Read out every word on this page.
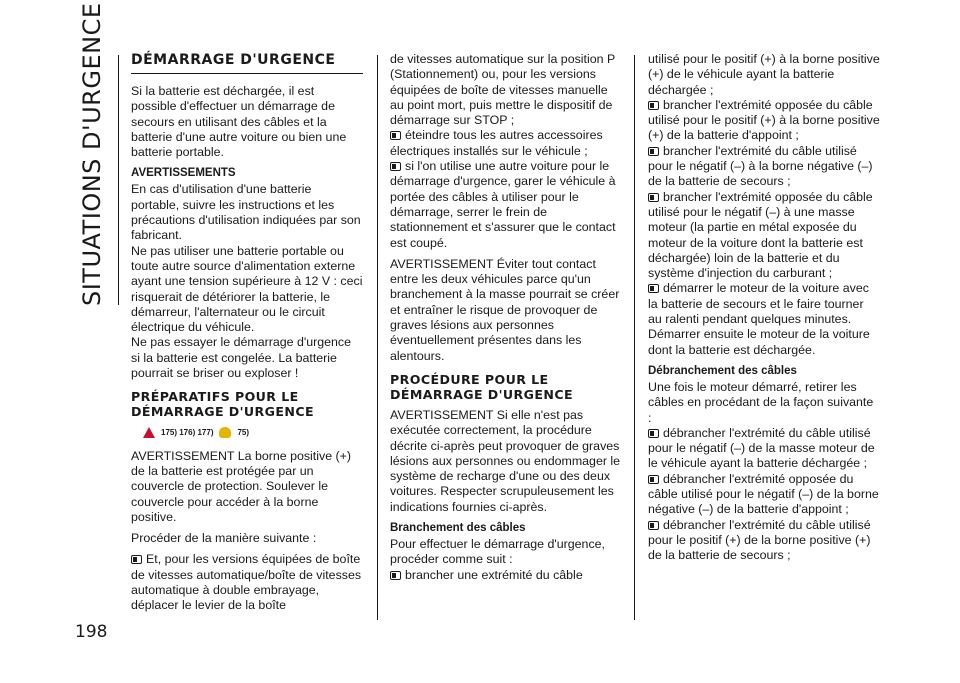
SITUATIONS D'URGENCE
198
DÉMARRAGE D'URGENCE

Si la batterie est déchargée, il est possible d'effectuer un démarrage de secours en utilisant des câbles et la batterie d'une autre voiture ou bien une batterie portable.

AVERTISSEMENTS

En cas d'utilisation d'une batterie portable, suivre les instructions et les précautions d'utilisation indiquées par son fabricant.

Ne pas utiliser une batterie portable ou toute autre source d'alimentation externe ayant une tension supérieure à 12 V : ceci risquerait de détériorer la batterie, le démarreur, l'alternateur ou le circuit électrique du véhicule.

Ne pas essayer le démarrage d'urgence si la batterie est congelée. La batterie pourrait se briser ou exploser !

PRÉPARATIFS POUR LE DÉMARRAGE D'URGENCE
175) 176) 177)	75)

AVERTISSEMENT La borne positive (+) de la batterie est protégée par un couvercle de protection. Soulever le couvercle pour accéder à la borne positive.

Procéder de la manière suivante :

Et, pour les versions équipées de boîte de vitesses automatique/boîte de vitesses automatique à double embrayage, déplacer le levier de la boîte

de vitesses automatique sur la position P (Stationnement) ou, pour les versions équipées de boîte de vitesses manuelle au point mort, puis mettre le dispositif de démarrage sur STOP ;

éteindre tous les autres accessoires électriques installés sur le véhicule ;

si l'on utilise une autre voiture pour le démarrage d'urgence, garer le véhicule à portée des câbles à utiliser pour le démarrage, serrer le frein de stationnement et s'assurer que le contact est coupé.

AVERTISSEMENT Éviter tout contact entre les deux véhicules parce qu'un branchement à la masse pourrait se créer et entraîner le risque de provoquer de graves lésions aux personnes éventuellement présentes dans les alentours.

PROCÉDURE POUR LE DÉMARRAGE D'URGENCE

AVERTISSEMENT Si elle n'est pas exécutée correctement, la procédure décrite ci-après peut provoquer de graves lésions aux personnes ou endommager le système de recharge d'une ou des deux voitures. Respecter scrupuleusement les indications fournies ci-après.

Branchement des câbles

Pour effectuer le démarrage d'urgence, procéder comme suit :

brancher une extrémité du câble

utilisé pour le positif (+) à la borne positive (+) de le véhicule ayant la batterie déchargée ;

brancher l'extrémité opposée du câble utilisé pour le positif (+) à la borne positive (+) de la batterie d'appoint ;

brancher l'extrémité du câble utilisé pour le négatif (–) à la borne négative (–) de la batterie de secours ;

brancher l'extrémité opposée du câble utilisé pour le négatif (–) à une masse moteur (la partie en métal exposée du moteur de la voiture dont la batterie est déchargée) loin de la batterie et du système d'injection du carburant ;

démarrer le moteur de la voiture avec la batterie de secours et le faire tourner au ralenti pendant quelques minutes. Démarrer ensuite le moteur de la voiture dont la batterie est déchargée.

Débranchement des câbles

Une fois le moteur démarré, retirer les câbles en procédant de la façon suivante :

débrancher l'extrémité du câble utilisé pour le négatif (–) de la masse moteur de le véhicule ayant la batterie déchargée ;

débrancher l'extrémité opposée du câble utilisé pour le négatif (–) de la borne négative (–) de la batterie d'appoint ;

débrancher l'extrémité du câble utilisé pour le positif (+) de la borne positive (+) de la batterie de secours ;
